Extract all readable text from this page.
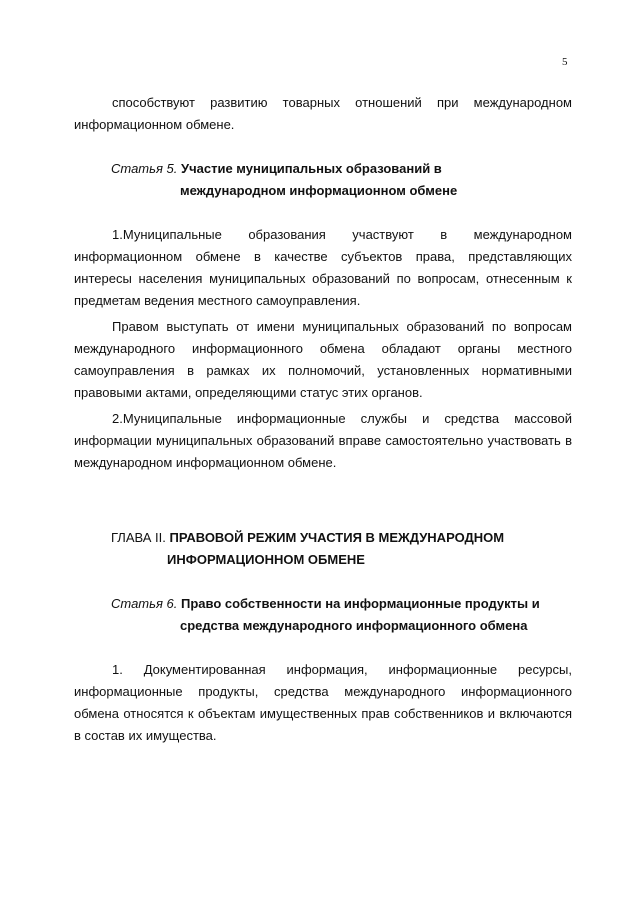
5

способствуют развитию товарных отношений при международном информационном обмене.

Статья 5. Участие муниципальных образований в
международном информационном обмене

1.Муниципальные образования участвуют в международном информационном обмене в качестве субъектов права, представляющих интересы населения муниципальных образований по вопросам, отнесенным к предметам ведения местного самоуправления.

Правом выступать от имени муниципальных образований по вопросам международного информационного обмена обладают органы местного самоуправления в рамках их полномочий, установленных нормативными правовыми актами, определяющими статус этих органов.

2.Муниципальные информационные службы и средства массовой информации муниципальных образований вправе самостоятельно участвовать в международном информационном обмене.

ГЛАВА II. ПРАВОВОЙ РЕЖИМ УЧАСТИЯ В МЕЖДУНАРОДНОМ
ИНФОРМАЦИОННОМ ОБМЕНЕ
Статья 6. Право собственности на информационные продукты и
средства международного информационного обмена

1. Документированная информация, информационные ресурсы, информационные продукты, средства международного информационного обмена относятся к объектам имущественных прав собственников и включаются в состав их имущества.
